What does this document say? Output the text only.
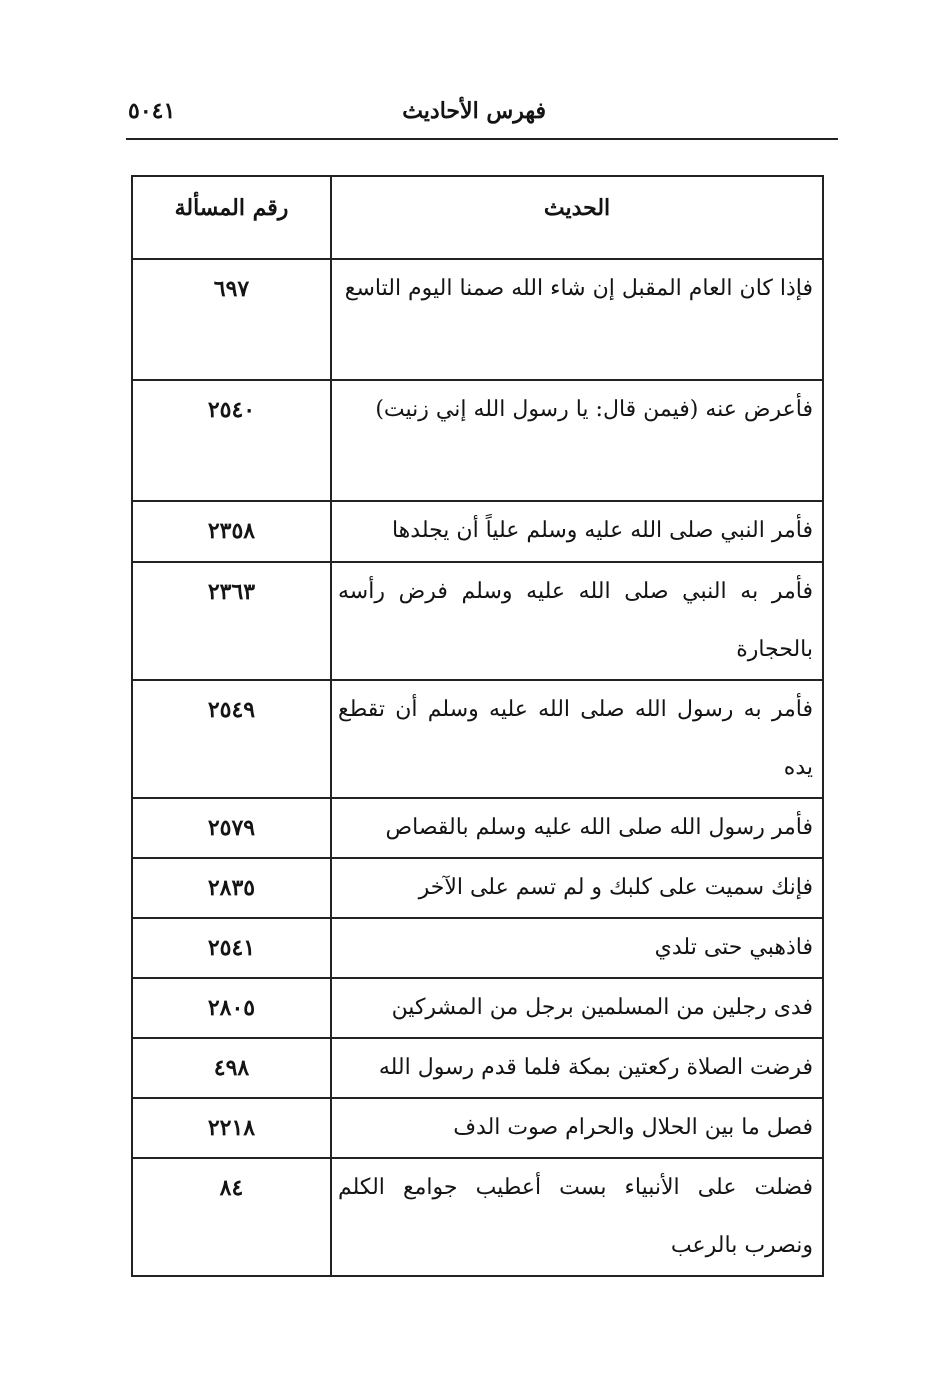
فهرس الأحاديث
٥٠٤١
الحديث	رقم المسألة

فإذا كان العام المقبل إن شاء الله صمنا اليوم التاسع	٦٩٧

فأعرض عنه (فيمن قال: يا رسول الله إني زنيت)	٢٥٤٠

فأمر النبي صلى الله عليه وسلم علياً أن يجلدها	٢٣٥٨

فأمر به النبي صلى الله عليه وسلم فرض رأسه بالحجارة	٢٣٦٣

فأمر به رسول الله صلى الله عليه وسلم أن تقطع يده	٢٥٤٩

فأمر رسول الله صلى الله عليه وسلم بالقصاص	٢٥٧٩

فإنك سميت على كلبك و لم تسم على الآخر	٢٨٣٥

فاذهبي حتى تلدي	٢٥٤١

فدى رجلين من المسلمين برجل من المشركين	٢٨٠٥

فرضت الصلاة ركعتين بمكة فلما قدم رسول الله	٤٩٨

فصل ما بين الحلال والحرام صوت الدف	٢٢١٨

فضلت على الأنبياء بست أعطيب جوامع الكلم ونصرب بالرعب	٨٤
